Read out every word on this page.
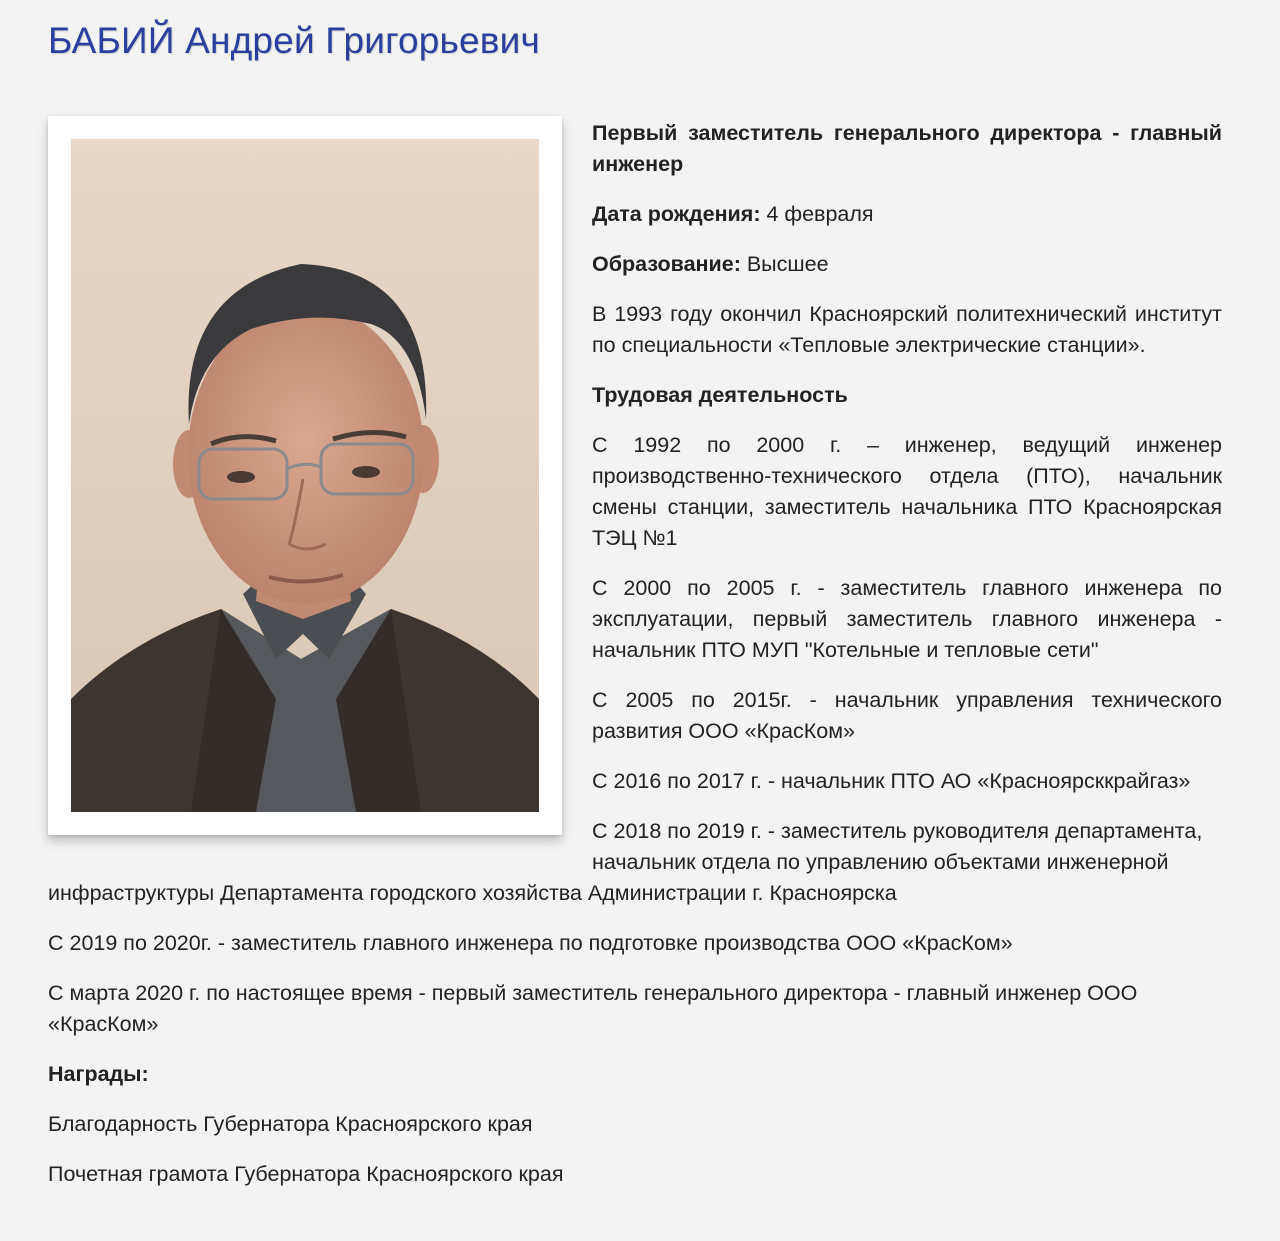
БАБИЙ Андрей Григорьевич

Первый заместитель генерального директора - главный инженер

Дата рождения: 4 февраля

Образование: Высшее

В 1993 году окончил Красноярский политехнический институт по специальности «Тепловые электрические станции».

Трудовая деятельность

С 1992 по 2000 г. – инженер, ведущий инженер производственно-технического отдела (ПТО), начальник смены станции, заместитель начальника ПТО Красноярская ТЭЦ №1

С 2000 по 2005 г. - заместитель главного инженера по эксплуатации, первый заместитель главного инженера - начальник ПТО МУП "Котельные и тепловые сети"

С 2005 по 2015г. - начальник управления технического развития ООО «КрасКом»

С 2016 по 2017 г. - начальник ПТО АО «Красноярсккрайгаз»

С 2018 по 2019 г. - заместитель руководителя департамента, начальник отдела по управлению объектами инженерной инфраструктуры Департамента городского хозяйства Администрации г. Красноярска

С 2019 по 2020г. - заместитель главного инженера по подготовке производства ООО «КрасКом»

С марта 2020 г. по настоящее время - первый заместитель генерального директора - главный инженер ООО «КрасКом»

Награды:

Благодарность Губернатора Красноярского края

Почетная грамота Губернатора Красноярского края
